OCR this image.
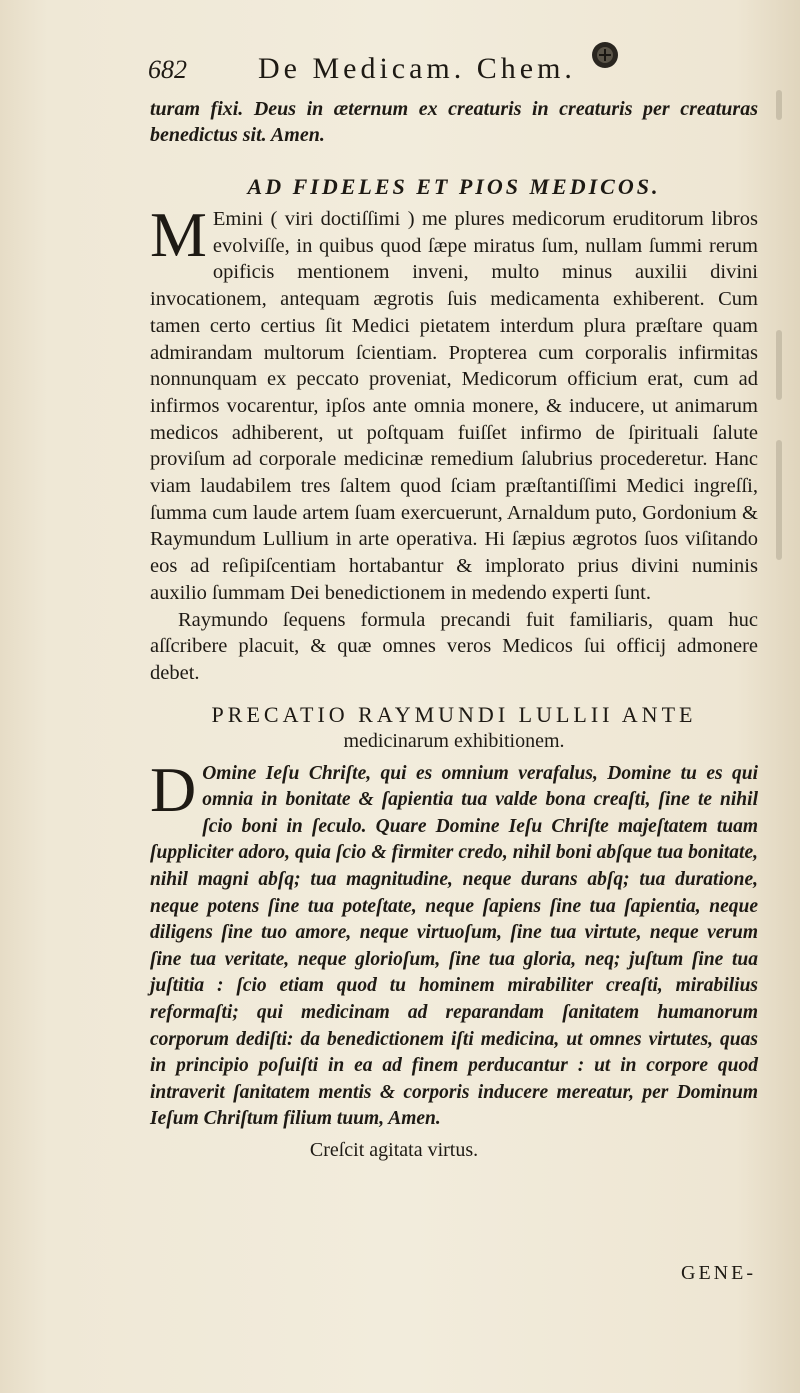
682	De Medicam. Chem.

turam fixi. Deus in æternum ex creaturis in creaturis per creaturas benedictus sit. Amen.

AD FIDELES ET PIOS MEDICOS.

M Emini ( viri doctiſſimi ) me plures medicorum eruditorum libros evolviſſe, in quibus quod ſæpe miratus ſum, nullam ſummi rerum opificis mentionem inveni, multo minus auxilii divini invocationem, antequam ægrotis ſuis medicamenta exhiberent. Cum tamen certo certius ſit Medici pietatem interdum plura præſtare quam admirandam multorum ſcientiam. Propterea cum corporalis infirmitas nonnunquam ex peccato proveniat, Medicorum officium erat, cum ad infirmos vocarentur, ipſos ante omnia monere, & inducere, ut animarum medicos adhiberent, ut poſtquam fuiſſet infirmo de ſpirituali ſalute proviſum ad corporale medicinæ remedium ſalubrius procederetur. Hanc viam laudabilem tres ſaltem quod ſciam præſtantiſſimi Medici ingreſſi, ſumma cum laude artem ſuam exercuerunt, Arnaldum puto, Gordonium & Raymundum Lullium in arte operativa. Hi ſæpius ægrotos ſuos viſitando eos ad reſipiſcentiam hortabantur & implorato prius divini numinis auxilio ſummam Dei benedictionem in medendo experti ſunt.

Raymundo ſequens formula precandi fuit familiaris, quam huc aſſcribere placuit, & quæ omnes veros Medicos ſui officij admonere debet.

PRECATIO RAYMUNDI LULLII ANTE
medicinarum exhibitionem.

D Omine Ieſu Chriſte, qui es omnium verafalus, Domine tu es qui omnia in bonitate & ſapientia tua valde bona creaſti, ſine te nihil ſcio boni in ſeculo. Quare Domine Ieſu Chriſte majeſtatem tuam ſuppliciter adoro, quia ſcio & firmiter credo, nihil boni abſque tua bonitate, nihil magni abſq; tua magnitudine, neque durans abſq; tua duratione, neque potens ſine tua poteſtate, neque ſapiens ſine tua ſapientia, neque diligens ſine tuo amore, neque virtuoſum, ſine tua virtute, neque verum ſine tua veritate, neque glorioſum, ſine tua gloria, neq; juſtum ſine tua juſtitia : ſcio etiam quod tu hominem mirabiliter creaſti, mirabilius reformaſti; qui medicinam ad reparandam ſanitatem humanorum corporum dediſti: da benedictionem iſti medicina, ut omnes virtutes, quas in principio poſuiſti in ea ad finem perducantur : ut in corpore quod intraverit ſanitatem mentis & corporis inducere mereatur, per Dominum Ieſum Chriſtum filium tuum, Amen.

Creſcit agitata virtus.
GENE-
